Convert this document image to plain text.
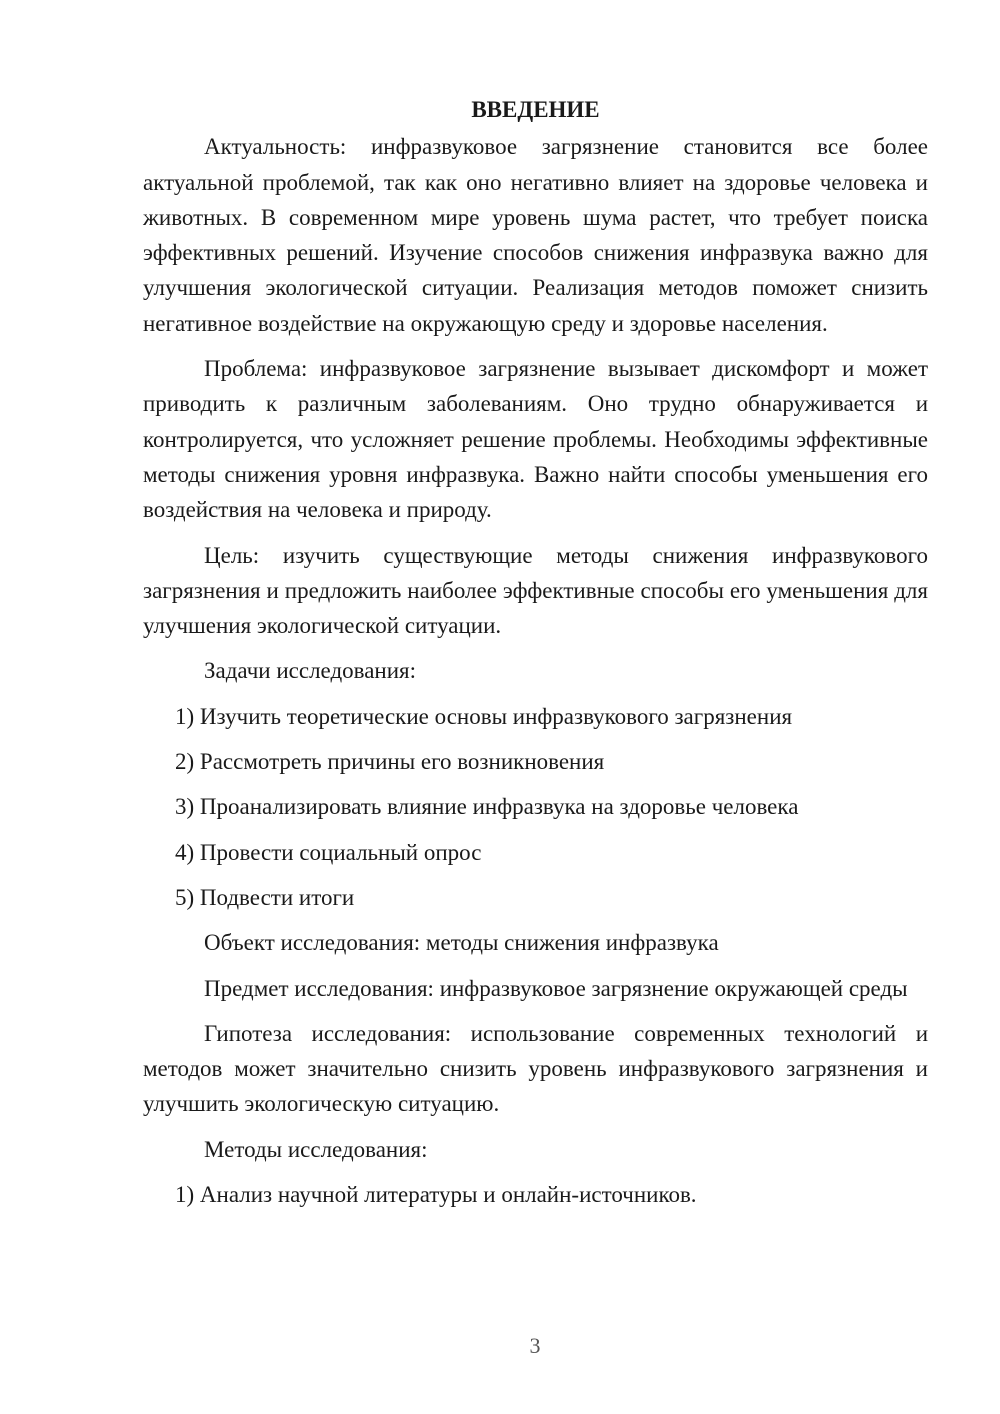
ВВЕДЕНИЕ

Актуальность: инфразвуковое загрязнение становится все более актуальной проблемой, так как оно негативно влияет на здоровье человека и животных. В современном мире уровень шума растет, что требует поиска эффективных решений. Изучение способов снижения инфразвука важно для улучшения экологической ситуации. Реализация методов поможет снизить негативное воздействие на окружающую среду и здоровье населения.

Проблема: инфразвуковое загрязнение вызывает дискомфорт и может приводить к различным заболеваниям. Оно трудно обнаруживается и контролируется, что усложняет решение проблемы. Необходимы эффективные методы снижения уровня инфразвука. Важно найти способы уменьшения его воздействия на человека и природу.

Цель: изучить существующие методы снижения инфразвукового загрязнения и предложить наиболее эффективные способы его уменьшения для улучшения экологической ситуации.

Задачи исследования:

1) Изучить теоретические основы инфразвукового загрязнения
2) Рассмотреть причины его возникновения
3) Проанализировать влияние инфразвука на здоровье человека
4) Провести социальный опрос
5) Подвести итоги

Объект исследования: методы снижения инфразвука

Предмет исследования: инфразвуковое загрязнение окружающей среды

Гипотеза исследования: использование современных технологий и методов может значительно снизить уровень инфразвукового загрязнения и улучшить экологическую ситуацию.

Методы исследования:

1) Анализ научной литературы и онлайн-источников.
3
